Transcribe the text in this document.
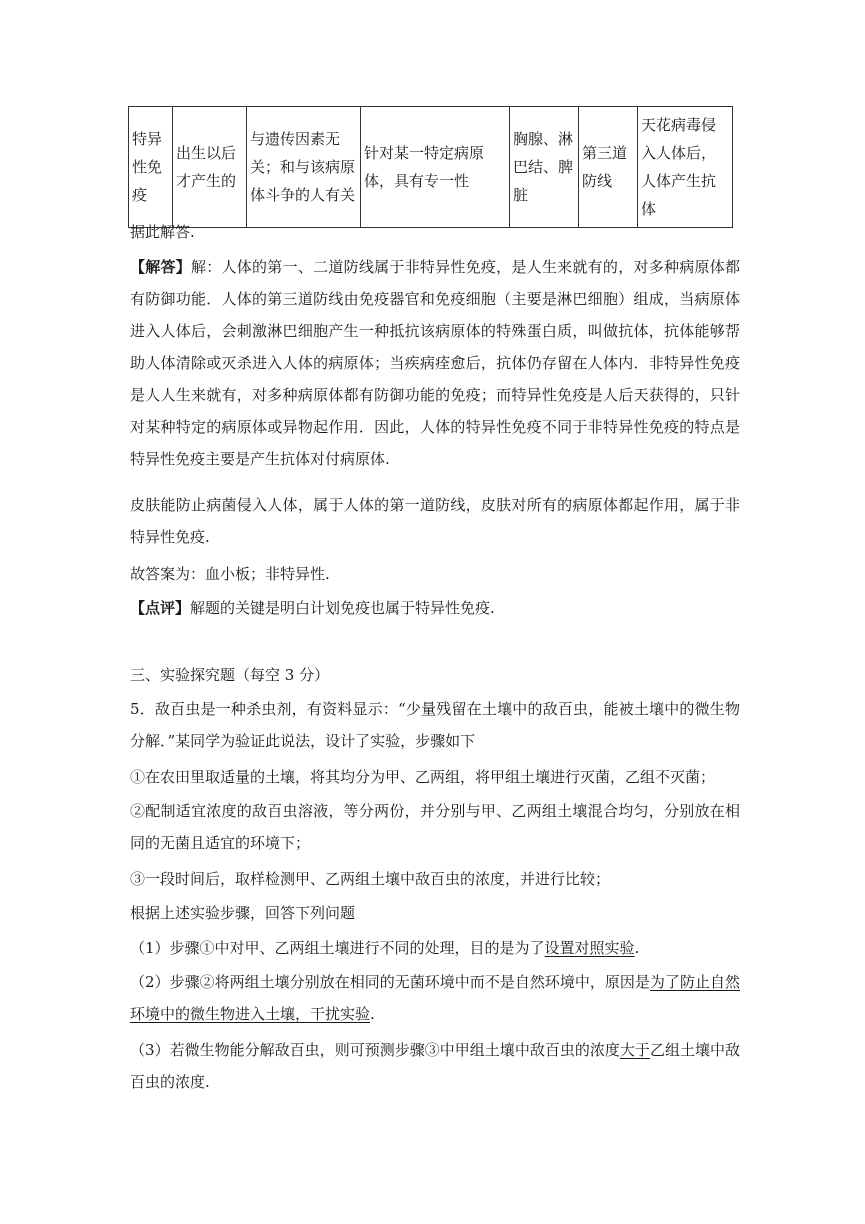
特异性免疫	出生以后才产生的	与遗传因素无关；和与该病原体斗争的人有关	针对某一特定病原体，具有专一性	胸腺、淋巴结、脾脏	第三道防线	天花病毒侵入人体后，人体产生抗体
据此解答.

【解答】解：人体的第一、二道防线属于非特异性免疫，是人生来就有的，对多种病原体都有防御功能．人体的第三道防线由免疫器官和免疫细胞（主要是淋巴细胞）组成，当病原体进入人体后，会刺激淋巴细胞产生一种抵抗该病原体的特殊蛋白质，叫做抗体，抗体能够帮助人体清除或灭杀进入人体的病原体；当疾病痊愈后，抗体仍存留在人体内．非特异性免疫是人人生来就有，对多种病原体都有防御功能的免疫；而特异性免疫是人后天获得的，只针对某种特定的病原体或异物起作用．因此，人体的特异性免疫不同于非特异性免疫的特点是特异性免疫主要是产生抗体对付病原体.

皮肤能防止病菌侵入人体，属于人体的第一道防线，皮肤对所有的病原体都起作用，属于非特异性免疫.

故答案为：血小板；非特异性.
【点评】解题的关键是明白计划免疫也属于特异性免疫.
三、实验探究题（每空 3 分）

5．敌百虫是一种杀虫剂，有资料显示：“少量残留在土壤中的敌百虫，能被土壤中的微生物分解．”某同学为验证此说法，设计了实验，步骤如下

①在农田里取适量的土壤，将其均分为甲、乙两组，将甲组土壤进行灭菌，乙组不灭菌；

②配制适宜浓度的敌百虫溶液，等分两份，并分别与甲、乙两组土壤混合均匀，分别放在相同的无菌且适宜的环境下；

③一段时间后，取样检测甲、乙两组土壤中敌百虫的浓度，并进行比较；
根据上述实验步骤，回答下列问题
（1）步骤①中对甲、乙两组土壤进行不同的处理，目的是为了设置对照实验.

（2）步骤②将两组土壤分别放在相同的无菌环境中而不是自然环境中，原因是为了防止自然环境中的微生物进入土壤，干扰实验.

（3）若微生物能分解敌百虫，则可预测步骤③中甲组土壤中敌百虫的浓度大于乙组土壤中敌百虫的浓度.
